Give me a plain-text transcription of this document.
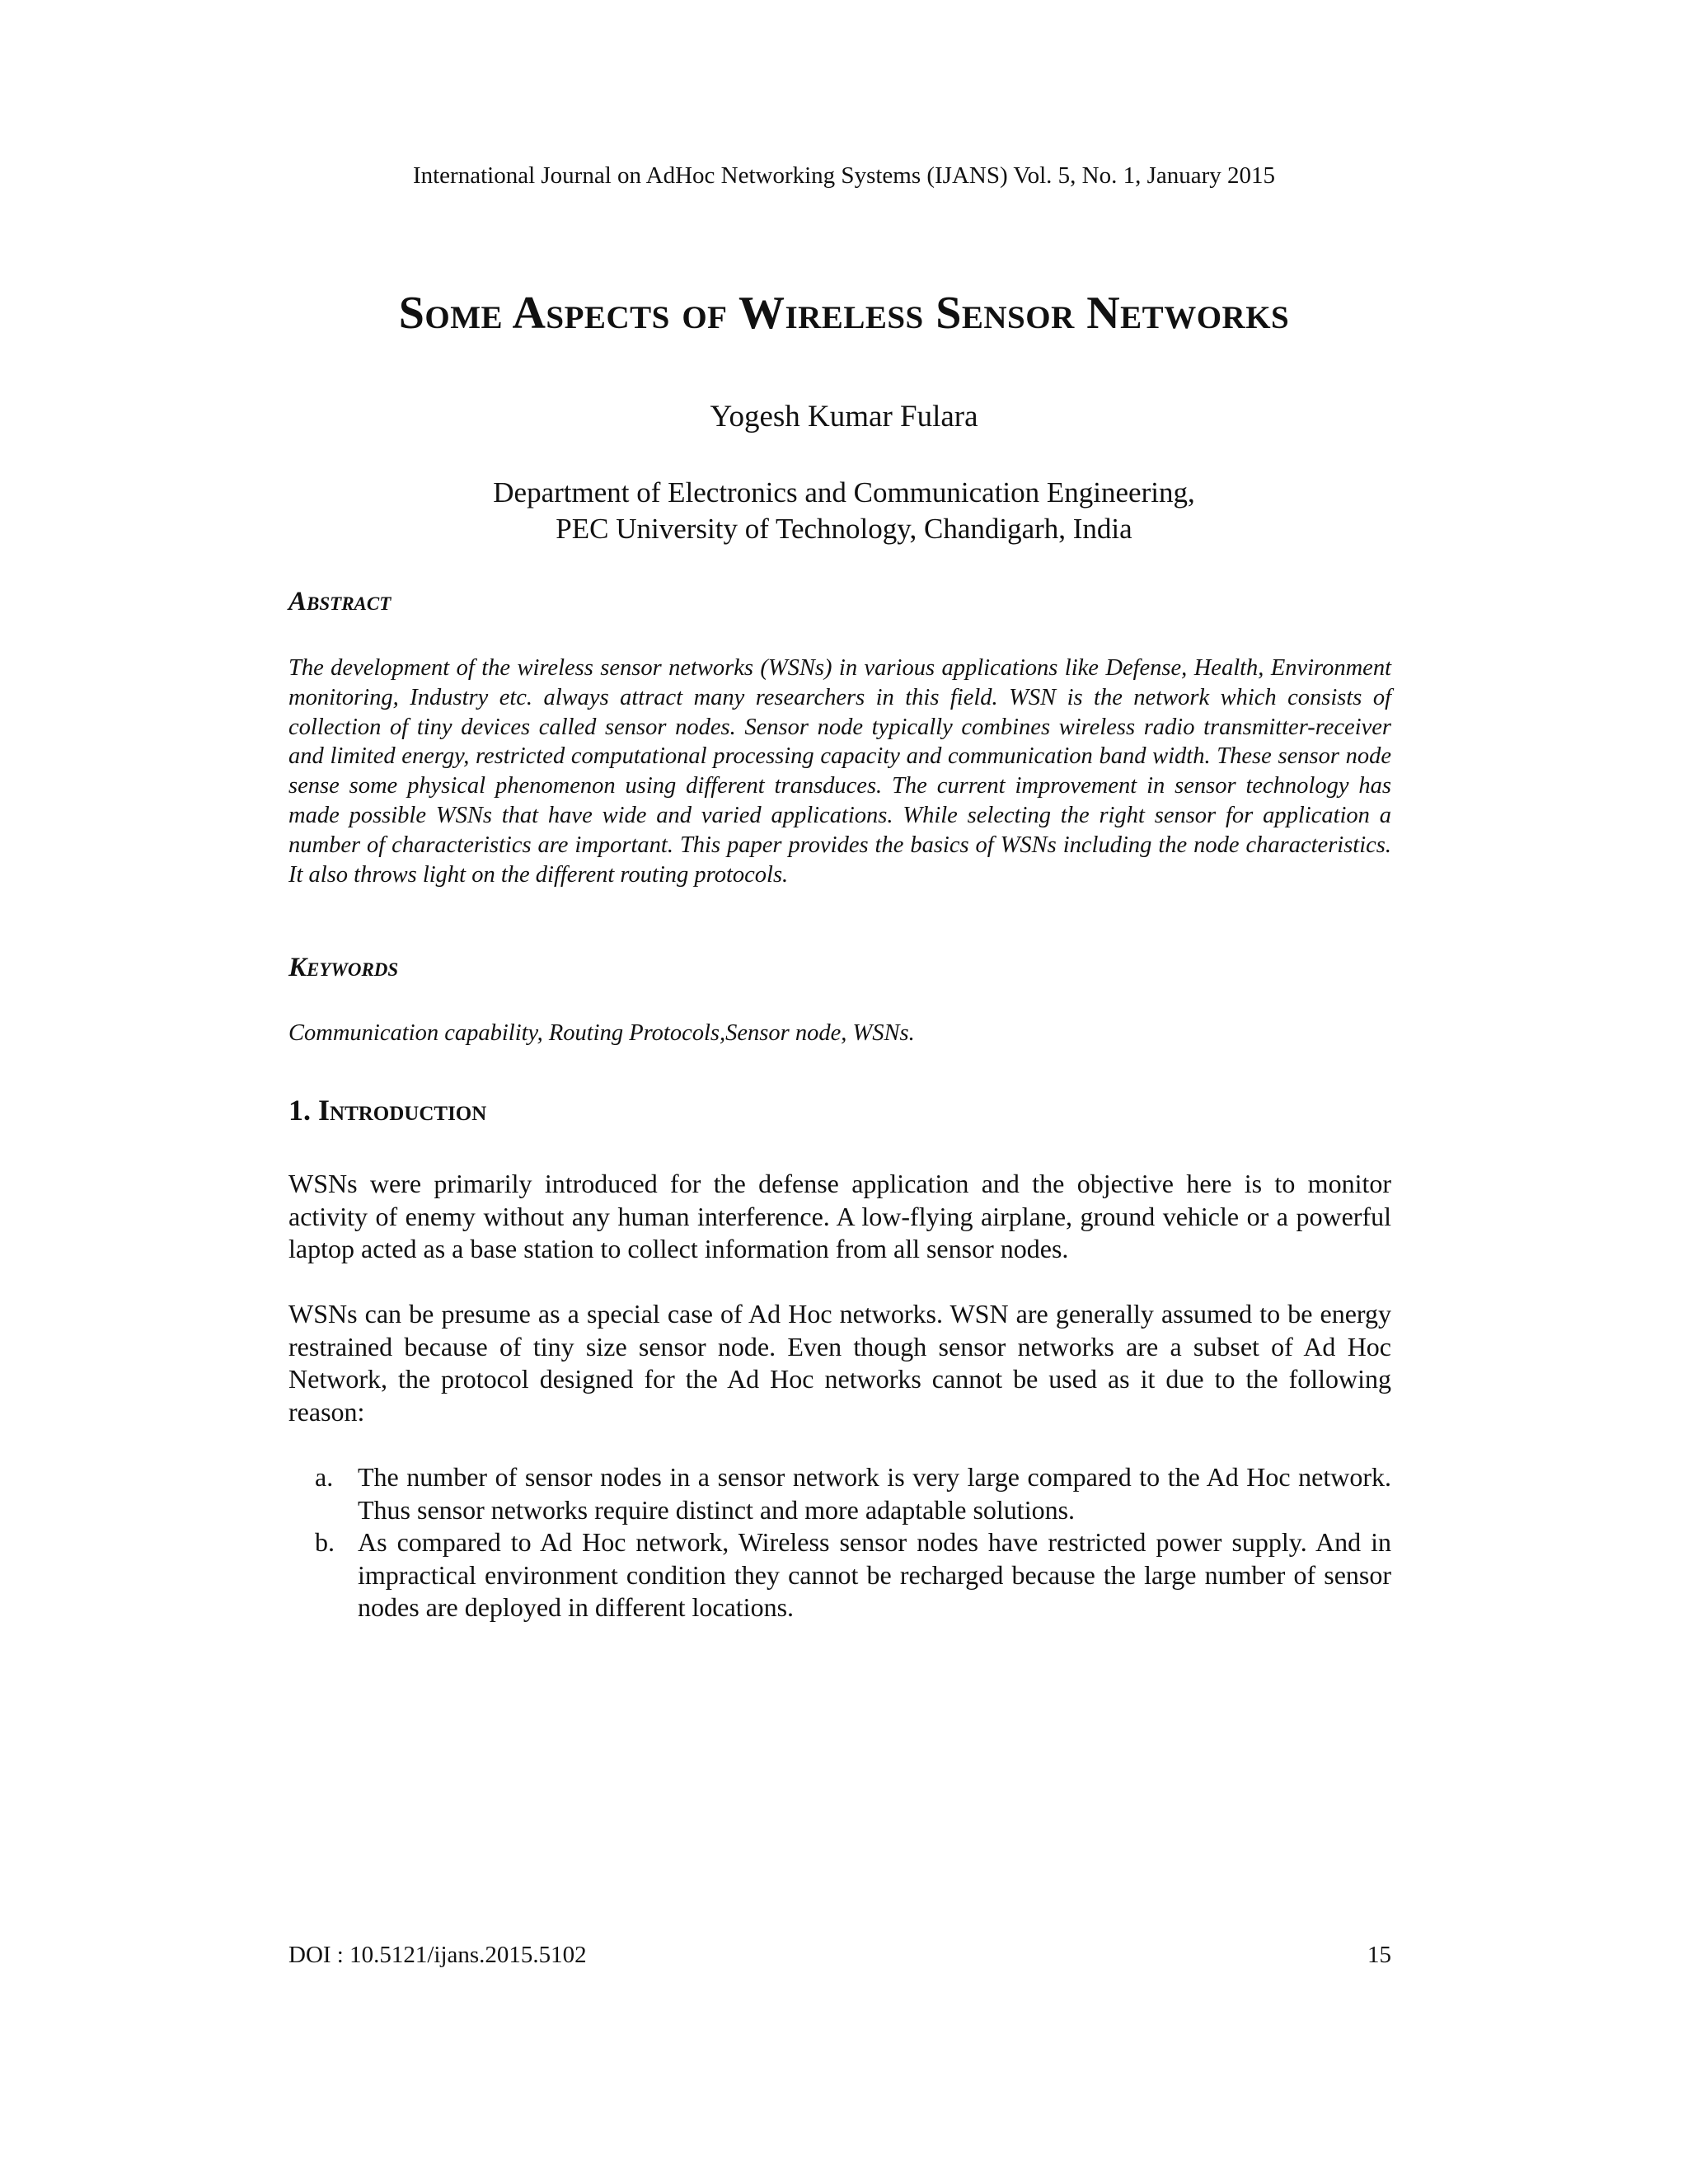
International Journal on AdHoc Networking Systems (IJANS) Vol. 5, No. 1, January 2015
Some Aspects of Wireless Sensor Networks
Yogesh Kumar Fulara
Department of Electronics and Communication Engineering,
PEC University of Technology, Chandigarh, India
Abstract
The development of the wireless sensor networks (WSNs) in various applications like Defense, Health, Environment monitoring, Industry etc. always attract many researchers in this field. WSN is the network which consists of collection of tiny devices called sensor nodes. Sensor node typically combines wireless radio transmitter-receiver and limited energy, restricted computational processing capacity and communication band width. These sensor node sense some physical phenomenon using different transduces. The current improvement in sensor technology has made possible WSNs that have wide and varied applications. While selecting the right sensor for application a number of characteristics are important. This paper provides the basics of WSNs including the node characteristics. It also throws light on the different routing protocols.
Keywords
Communication capability, Routing Protocols,Sensor node, WSNs.
1. Introduction
WSNs were primarily introduced for the defense application and the objective here is to monitor activity of enemy without any human interference. A low-flying airplane, ground vehicle or a powerful laptop acted as a base station to collect information from all sensor nodes.
WSNs can be presume as a special case of Ad Hoc networks. WSN are generally assumed to be energy restrained because of tiny size sensor node. Even though sensor networks are a subset of Ad Hoc Network, the protocol designed for the Ad Hoc networks cannot be used as it due to the following reason:
a. The number of sensor nodes in a sensor network is very large compared to the Ad Hoc network. Thus sensor networks require distinct and more adaptable solutions.
b. As compared to Ad Hoc network, Wireless sensor nodes have restricted power supply. And in impractical environment condition they cannot be recharged because the large number of sensor nodes are deployed in different locations.
DOI : 10.5121/ijans.2015.5102	15
